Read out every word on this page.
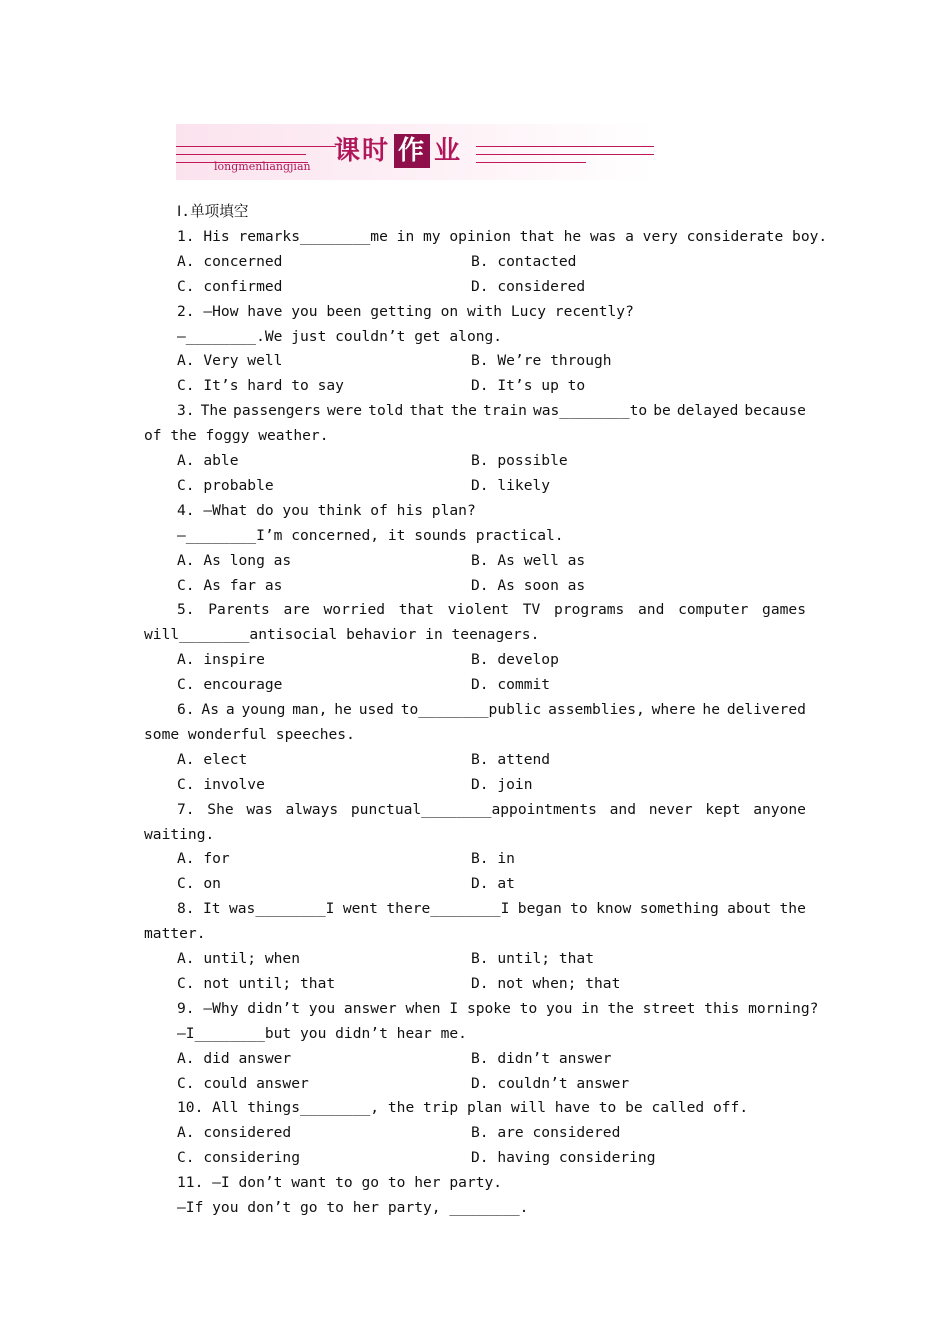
课时 作 业
longmenliangjian
Ⅰ.单项填空
1. His remarks________me in my opinion that he was a very considerate boy.
A. concerned	B. contacted
C. confirmed	D. considered
2. —How have you been getting on with Lucy recently?
—________.We just couldn’t get along.
A. Very well	B. We’re through
C. It’s hard to say	D. It’s up to
3. The passengers were told that the train was________to be delayed because
of the foggy weather.
A. able	B. possible
C. probable	D. likely
4. —What do you think of his plan?
—________I’m concerned, it sounds practical.
A. As long as	B. As well as
C. As far as	D. As soon as
5. Parents are worried that violent TV programs and computer games
will________antisocial behavior in teenagers.
A. inspire	B. develop
C. encourage	D. commit
6. As a young man, he used to________public assemblies, where he delivered
some wonderful speeches.
A. elect	B. attend
C. involve	D. join
7. She was always punctual________appointments and never kept anyone
waiting.
A. for	B. in
C. on	D. at
8. It was________I went there________I began to know something about the
matter.
A. until; when	B. until; that
C. not until; that	D. not when; that
9. —Why didn’t you answer when I spoke to you in the street this morning?
—I________but you didn’t hear me.
A. did answer	B. didn’t answer
C. could answer	D. couldn’t answer
10. All things________, the trip plan will have to be called off.
A. considered	B. are considered
C. considering	D. having considering
11. —I don’t want to go to her party.
—If you don’t go to her party, ________.
